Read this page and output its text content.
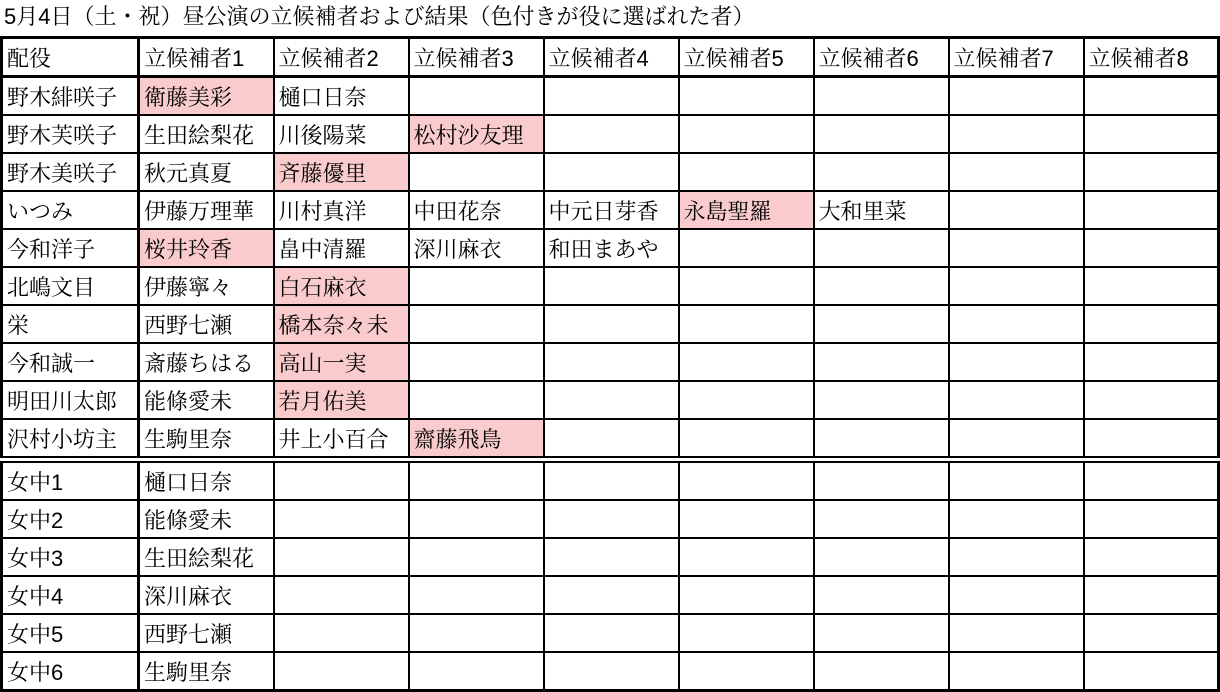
5月4日（土・祝）昼公演の立候補者および結果（色付きが役に選ばれた者）
配役	立候補者1	立候補者2	立候補者3	立候補者4	立候補者5	立候補者6	立候補者7	立候補者8
野木緋咲子	衛藤美彩	樋口日奈						
野木芙咲子	生田絵梨花	川後陽菜	松村沙友理					
野木美咲子	秋元真夏	斉藤優里						
いつみ	伊藤万理華	川村真洋	中田花奈	中元日芽香	永島聖羅	大和里菜		
今和洋子	桜井玲香	畠中清羅	深川麻衣	和田まあや				
北嶋文目	伊藤寧々	白石麻衣						
栄	西野七瀬	橋本奈々未						
今和誠一	斎藤ちはる	高山一実						
明田川太郎	能條愛未	若月佑美						
沢村小坊主	生駒里奈	井上小百合	齋藤飛鳥					
女中1	樋口日奈							
女中2	能條愛未							
女中3	生田絵梨花							
女中4	深川麻衣							
女中5	西野七瀬							
女中6	生駒里奈							
